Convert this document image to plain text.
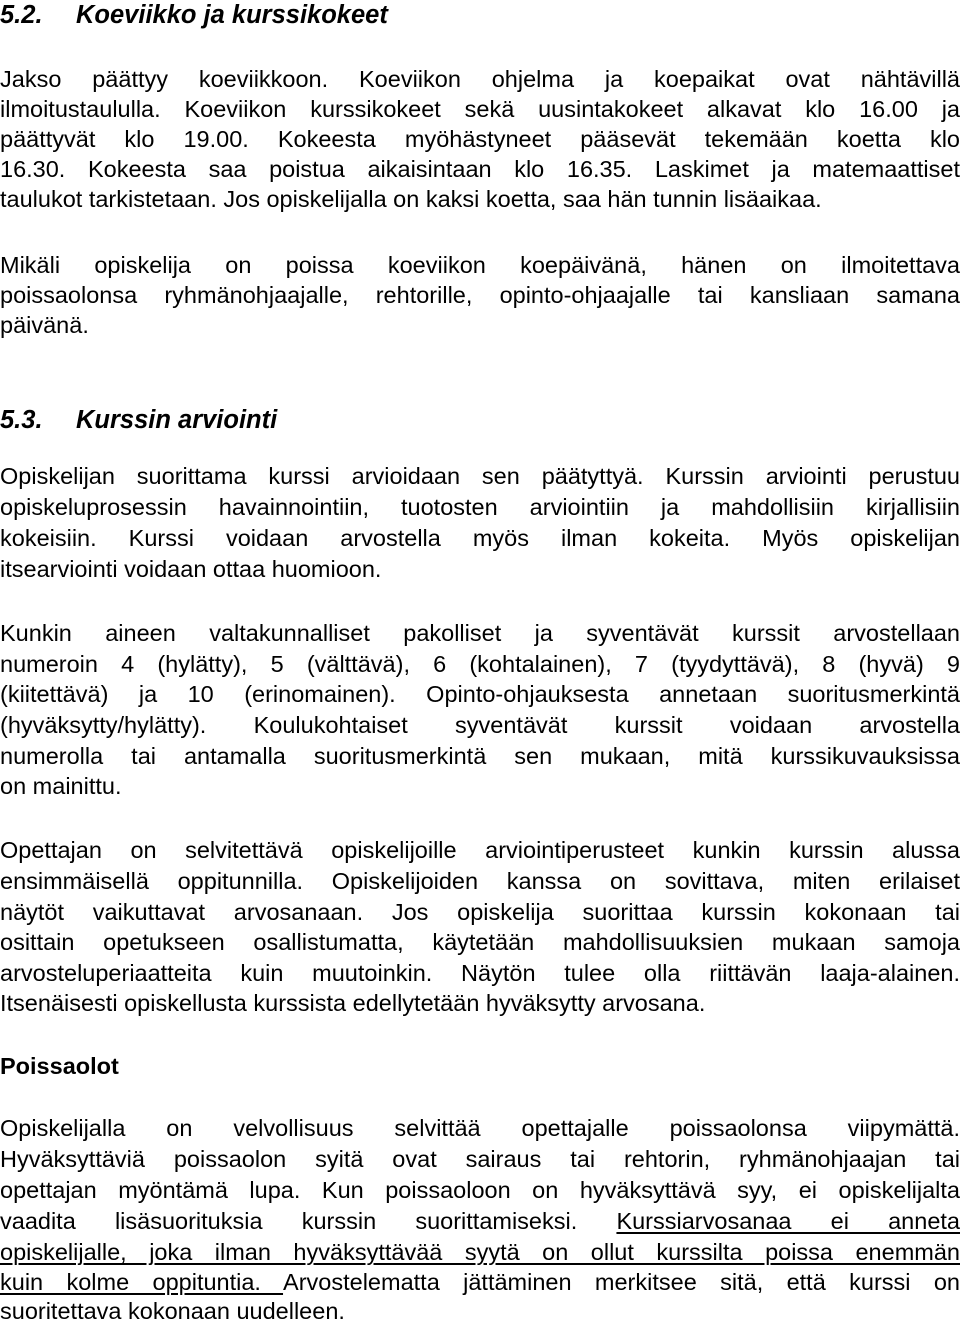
5.2. Koeviikko ja kurssikokeet

Jakso päättyy koeviikkoon. Koeviikon ohjelma ja koepaikat ovat nähtävillä

ilmoitustaululla. Koeviikon kurssikokeet sekä uusintakokeet alkavat klo 16.00 ja

päättyvät klo 19.00. Kokeesta myöhästyneet pääsevät tekemään koetta klo

16.30. Kokeesta saa poistua aikaisintaan klo 16.35. Laskimet ja matemaattiset

taulukot tarkistetaan. Jos opiskelijalla on kaksi koetta, saa hän tunnin lisäaikaa.

Mikäli opiskelija on poissa koeviikon koepäivänä, hänen on ilmoitettava

poissaolonsa ryhmänohjaajalle, rehtorille, opinto-ohjaajalle tai kansliaan samana

päivänä.

5.3. Kurssin arviointi

Opiskelijan suorittama kurssi arvioidaan sen päätyttyä. Kurssin arviointi perustuu

opiskeluprosessin havainnointiin, tuotosten arviointiin ja mahdollisiin kirjallisiin

kokeisiin. Kurssi voidaan arvostella myös ilman kokeita. Myös opiskelijan

itsearviointi voidaan ottaa huomioon.

Kunkin aineen valtakunnalliset pakolliset ja syventävät kurssit arvostellaan

numeroin 4 (hylätty), 5 (välttävä), 6 (kohtalainen), 7 (tyydyttävä), 8 (hyvä) 9

(kiitettävä) ja 10 (erinomainen). Opinto-ohjauksesta annetaan suoritusmerkintä

(hyväksytty/hylätty). Koulukohtaiset syventävät kurssit voidaan arvostella

numerolla tai antamalla suoritusmerkintä sen mukaan, mitä kurssikuvauksissa

on mainittu.

Opettajan on selvitettävä opiskelijoille arviointiperusteet kunkin kurssin alussa

ensimmäisellä oppitunnilla. Opiskelijoiden kanssa on sovittava, miten erilaiset

näytöt vaikuttavat arvosanaan. Jos opiskelija suorittaa kurssin kokonaan tai

osittain opetukseen osallistumatta, käytetään mahdollisuuksien mukaan samoja

arvosteluperiaatteita kuin muutoinkin. Näytön tulee olla riittävän laaja-alainen.

Itsenäisesti opiskellusta kurssista edellytetään hyväksytty arvosana.

Poissaolot

Opiskelijalla on velvollisuus selvittää opettajalle poissaolonsa viipymättä.

Hyväksyttäviä poissaolon syitä ovat sairaus tai rehtorin, ryhmänohjaajan tai

opettajan myöntämä lupa. Kun poissaoloon on hyväksyttävä syy, ei opiskelijalta

vaadita lisäsuorituksia kurssin suorittamiseksi. Kurssiarvosanaa ei anneta

opiskelijalle, joka ilman hyväksyttävää syytä on ollut kurssilta poissa enemmän

kuin kolme oppituntia. Arvostelematta jättäminen merkitsee sitä, että kurssi on

suoritettava kokonaan uudelleen.
